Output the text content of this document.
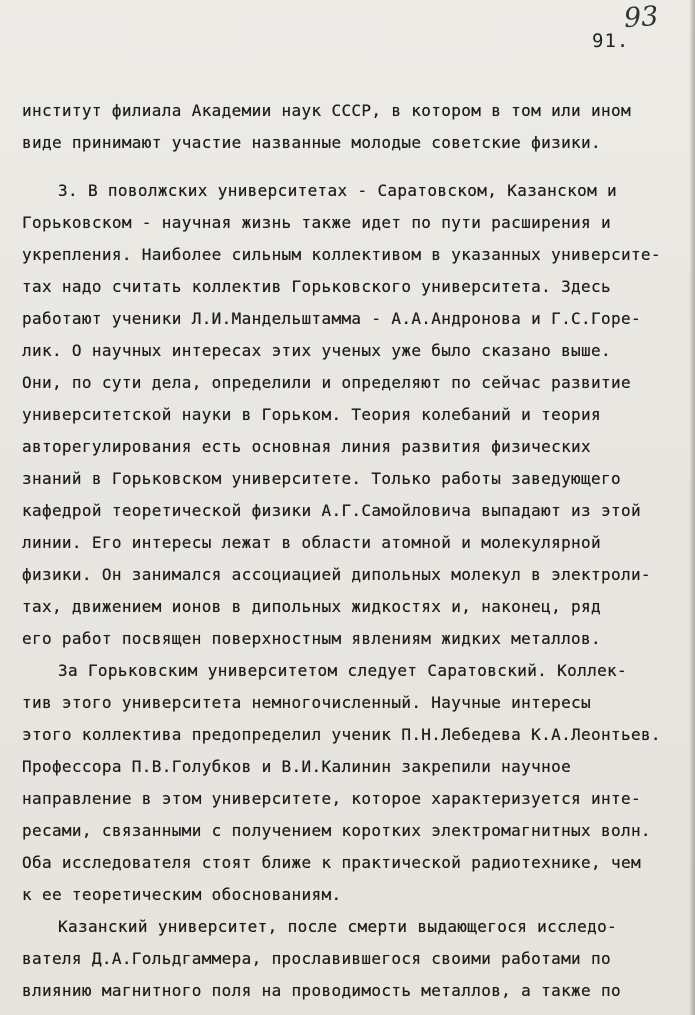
93
91.
институт филиала Академии наук СССР, в котором в том или ином
виде принимают участие названные молодые советские физики.
3. В поволжских университетах - Саратовском, Казанском и
Горьковском - научная жизнь также идет по пути расширения и
укрепления. Наиболее сильным коллективом в указанных университе-
тах надо считать коллектив Горьковского университета. Здесь
работают ученики Л.И.Мандельштамма - А.А.Андронова и Г.С.Горе-
лик. О научных интересах этих ученых уже было сказано выше.
Они, по сути дела, определили и определяют по сейчас развитие
университетской науки в Горьком. Теория колебаний и теория
авторегулирования есть основная линия развития физических
знаний в Горьковском университете. Только работы заведующего
кафедрой теоретической физики А.Г.Самойловича выпадают из этой
линии. Его интересы лежат в области атомной и молекулярной
физики. Он занимался ассоциацией дипольных молекул в электроли-
тах, движением ионов в дипольных жидкостях и, наконец, ряд
его работ посвящен поверхностным явлениям жидких металлов.
За Горьковским университетом следует Саратовский. Коллек-
тив этого университета немногочисленный. Научные интересы
этого коллектива предопределил ученик П.Н.Лебедева К.А.Леонтьев.
Профессора П.В.Голубков и В.И.Калинин закрепили научное
направление в этом университете, которое характеризуется инте-
ресами, связанными с получением коротких электромагнитных волн.
Оба исследователя стоят ближе к практической радиотехнике, чем
к ее теоретическим обоснованиям.
Казанский университет, после смерти выдающегося исследо-
вателя Д.А.Гольдгаммера, прославившегося своими работами по
влиянию магнитного поля на проводимость металлов, а также по
